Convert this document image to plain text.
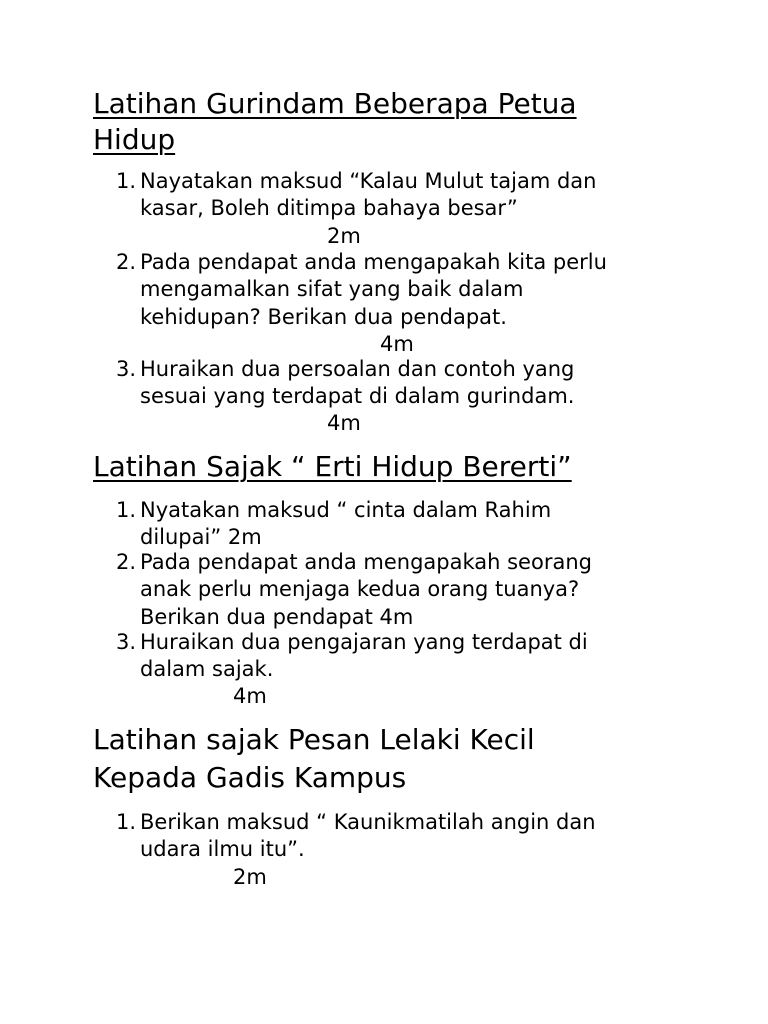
Latihan Gurindam Beberapa Petua
Hidup
1. Nayatakan maksud “Kalau Mulut tajam dan
kasar, Boleh ditimpa bahaya besar”
2m
2. Pada pendapat anda mengapakah kita perlu
mengamalkan sifat yang baik dalam
kehidupan? Berikan dua pendapat.
4m
3. Huraikan dua persoalan dan contoh yang
sesuai yang terdapat di dalam gurindam.
4m
Latihan Sajak “ Erti Hidup Bererti”
1. Nyatakan maksud “ cinta dalam Rahim
dilupai” 2m
2. Pada pendapat anda mengapakah seorang
anak perlu menjaga kedua orang tuanya?
Berikan dua pendapat 4m
3. Huraikan dua pengajaran yang terdapat di
dalam sajak.
4m
Latihan sajak Pesan Lelaki Kecil
Kepada Gadis Kampus
1. Berikan maksud “ Kaunikmatilah angin dan
udara ilmu itu”.
2m
